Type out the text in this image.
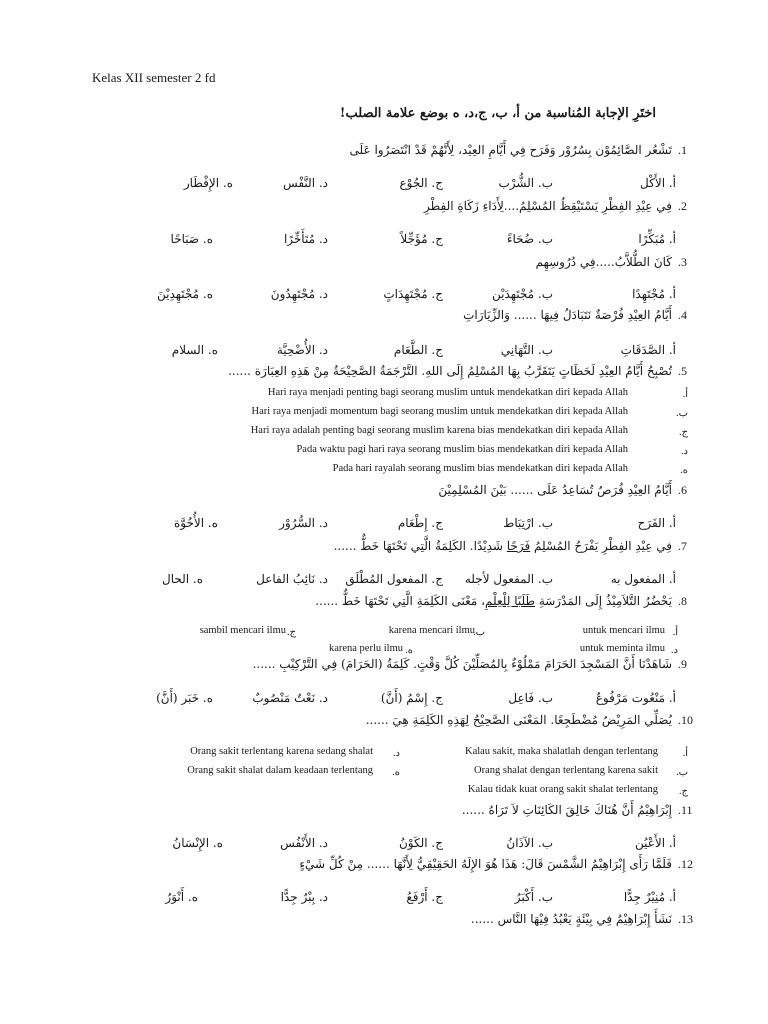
Kelas XII semester 2 fd
اختَرِ الإجابة المُناسبة من أ، ب، ج،د، ه بوضع علامة الصلب!
1.تَشْعُر الصَّائِمُوْن بِسُرُوْر وَفَرَح فِي أَيَّامِ العِيْد، لِأَنَّهُمْ قَدْ انْتَصَرُوا عَلَى
أ. الأَكْل
ب. الشُّرْب
ج. الجُوْع
د. النَّفْس
ه. الإِفْطَار
2.فِي عِيْدِ الفِطْرِ يَسْتَيْقِظُ المُسْلِمُ....لِأَدَاءِ زَكَاةِ الفِطْرِ
أ. مُبَكِّرًا
ب. ضُحَاءً
ج. مُؤَجِّلاً
د. مُتَأَخِّرًا
ه. صَبَاحًا
3.كَانَ الطُّلاَّبُ.....فِي دُرُوسِهِم
أ. مُجْتَهِدًا
ب. مُجْتَهِدَيْن
ج. مُجْتَهِدَاتٍ
د. مُجْتَهِدُونَ
ه. مُجْتَهِدِيْنَ
4.أَيَّامُ العِيْدِ فُرْصَةٌ نَتَبَادَلُ فِيهَا ...... وَالزِّيَارَاتِ
أ. الصَّدَقَاتِ
ب. التَّهَانِي
ج. الطَّعَام
د. الأُضْحِيَّة
ه. السلام
5.تُصْبِحُ أَيَّامُ العِيْدِ لَحَظَاتٍ يَتَقَرَّبُ بِهَا المُسْلِمُ إِلَى اللهِ. التَّرْجَمَةُ الصَّحِيْحَةُ مِنْ هَذِهِ العِبَارَة ......
أ.
Hari raya menjadi penting bagi seorang muslim untuk mendekatkan diri kepada Allah
ب.
Hari raya menjadi momentum bagi seorang muslim untuk mendekatkan diri kepada Allah
ج.
Hari raya adalah penting bagi seorang muslim karena bias mendekatkan diri kepada Allah
د.
Pada waktu pagi hari raya seorang muslim bias mendekatkan diri kepada Allah
ه.
Pada hari rayalah seorang muslim bias mendekatkan diri kepada Allah
6.أَيَّامُ العِيْدِ فُرَصٌ تُسَاعِدُ عَلَى ...... بَيْنَ المُسْلِمِيْنَ
أ. الفَرَح
ب. ارْتِبَاط
ج. إِطْعَام
د. السُّرُوْر
ه. الأُخُوَّة
7.فِي عِيْدِ الفِطْرِ يَفْرَحُ المُسْلِمُ فَرَحًا شَدِيْدًا. الكَلِمَةُ الَّتِي تَحْتَهَا خَطٌّ ......
أ. المفعول به
ب. المفعول لأجله
ج. المفعول المُطْلَق
د. نَائِبُ الفاعل
ه. الحال
8.يَحْضُرُ التَّلاَمِيْذُ إِلَى المَدْرَسَةِ طَلَبًا لِلْعِلْمِ، مَعْنَى الكَلِمَةِ الَّتِي تَحْتَهَا خَطٌّ ......
أ.
untuk mencari ilmu
ب.
karena mencari ilmu
ج.
sambil mencari ilmu
د.
untuk meminta ilmu
ه.
karena perlu ilmu
9.شَاهَدْنَا أَنَّ المَسْجِدَ الحَرَامَ مَمْلُوْءٌ بِالمُصَلِّيْنَ كُلَّ وَقْتٍ. كَلِمَةُ (الحَرَامَ) فِي التَّرْكِيْبِ ......
أ. مَنْعُوت مَرْفُوعٌ
ب. فَاعِل
ج. إِسْمُ (أَنَّ)
د. نَعْتٌ مَنْصُوبٌ
ه. خَبَر (أَنَّ)
10.يُصَلِّي المَرِيْضُ مُضْطَجِعًا. المَعْنَى الصَّحِيْحُ لِهَذِهِ الكَلِمَةِ هِيَ ......
أ.
Kalau sakit, maka shalatlah dengan terlentang
ب.
Orang shalat dengan terlentang karena sakit
ج.
Kalau tidak kuat orang sakit shalat terlentang
د.
Orang sakit terlentang karena sedang shalat
ه.
Orang sakit shalat dalam keadaan terlentang
11.إِبْرَاهِيْمُ أَنَّ هُنَاكَ خَالِقَ الكَائِنَاتِ لاَ تَرَاهُ ......
أ. الأَعْيُن
ب. الآذَانُ
ج. الكَوْنُ
د. الأَنْفُس
ه. الإِنْسَانُ
12.فَلَمَّا رَأَى إِبْرَاهِيْمُ الشَّمْسَ قَالَ: هَذَا هُوَ الإِلَهُ الحَقِيْقِيُّ لِأَنَّهَا ...... مِنْ كُلِّ شَيْءٍ
أ. مُنِيْرٌ جِدًّا
ب. أَكْبَرُ
ج. أَرْفَعُ
د. بِبْرٌ جِدًّا
ه. أَنْوَرُ
13.نَشَأَ إِبْرَاهِيْمُ فِي بِيْئَةٍ يَعْبُدُ فِيْهَا النَّاس ......
